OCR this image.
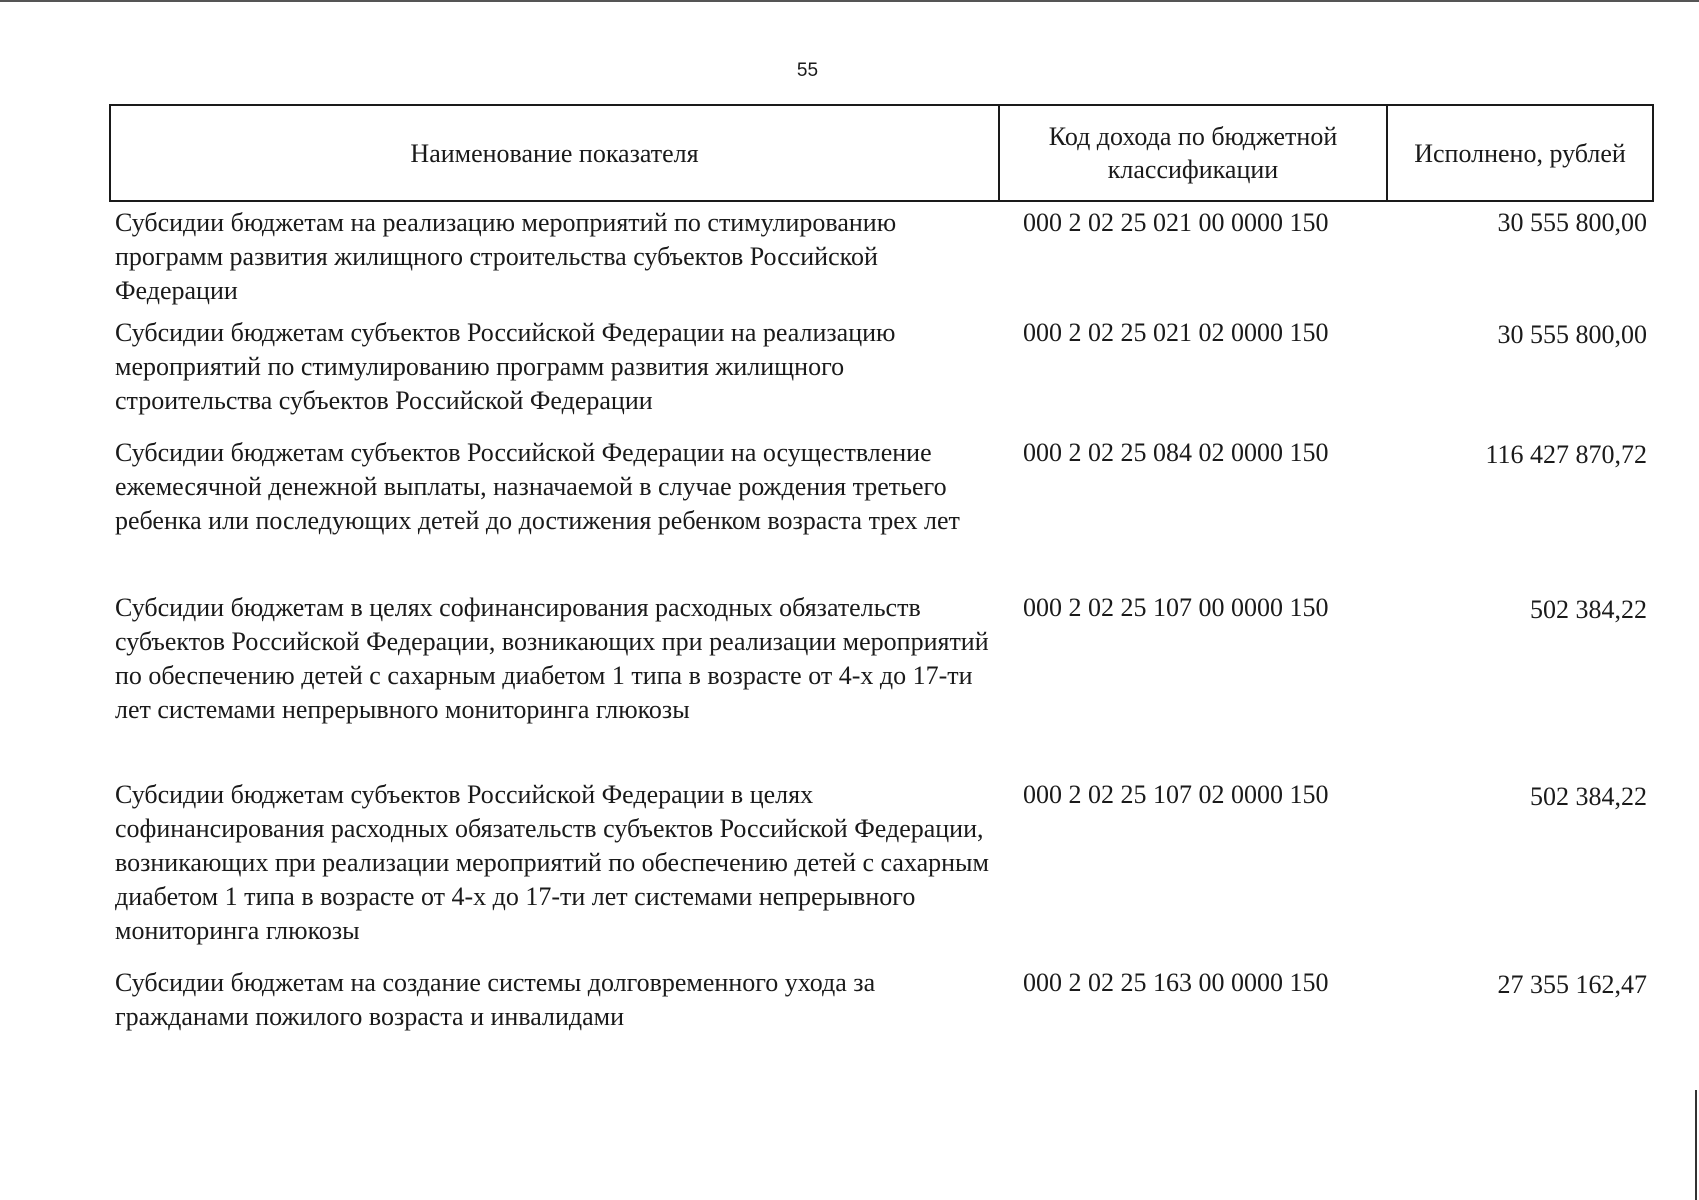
55
Наименование показателя	Код дохода по бюджетной классификации	Исполнено, рублей
Субсидии бюджетам на реализацию мероприятий по стимулированию программ развития жилищного строительства субъектов Российской Федерации	000 2 02 25 021 00 0000 150	30 555 800,00
Субсидии бюджетам субъектов Российской Федерации на реализацию мероприятий по стимулированию программ развития жилищного строительства субъектов Российской Федерации	000 2 02 25 021 02 0000 150	30 555 800,00
Субсидии бюджетам субъектов Российской Федерации на осуществление ежемесячной денежной выплаты, назначаемой в случае рождения третьего ребенка или последующих детей до достижения ребенком возраста трех лет	000 2 02 25 084 02 0000 150	116 427 870,72
Субсидии бюджетам в целях софинансирования расходных обязательств субъектов Российской Федерации, возникающих при реализации мероприятий по обеспечению детей с сахарным диабетом 1 типа в возрасте от 4-х до 17-ти лет системами непрерывного мониторинга глюкозы	000 2 02 25 107 00 0000 150	502 384,22
Субсидии бюджетам субъектов Российской Федерации в целях софинансирования расходных обязательств субъектов Российской Федерации, возникающих при реализации мероприятий по обеспечению детей с сахарным диабетом 1 типа в возрасте от 4-х до 17-ти лет системами непрерывного мониторинга глюкозы	000 2 02 25 107 02 0000 150	502 384,22
Субсидии бюджетам на создание системы долговременного ухода за гражданами пожилого возраста и инвалидами	000 2 02 25 163 00 0000 150	27 355 162,47
